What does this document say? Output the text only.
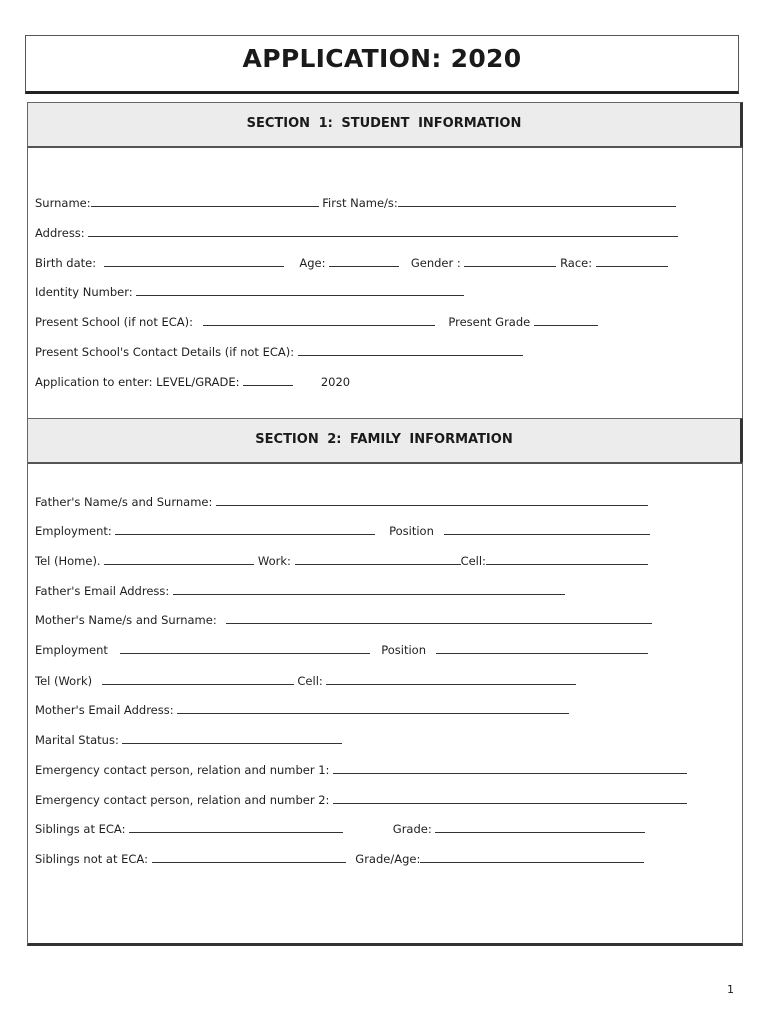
APPLICATION: 2020
SECTION 1: STUDENT INFORMATION
Surname:	First Name/s:
Address:
Birth date:	Age:	Gender :	Race:
Identity Number:
Present School (if not ECA):	Present Grade
Present School's Contact Details (if not ECA):
Application to enter: LEVEL/GRADE:	2020
SECTION 2: FAMILY INFORMATION
Father's Name/s and Surname:
Employment:	Position
Tel (Home).	Work:	Cell:
Father's Email Address:
Mother's Name/s and Surname:
Employment	Position
Tel (Work)	Cell:
Mother's Email Address:
Marital Status:
Emergency contact person, relation and number 1:
Emergency contact person, relation and number 2:
Siblings at ECA:	Grade:
Siblings not at ECA:	Grade/Age:
1
